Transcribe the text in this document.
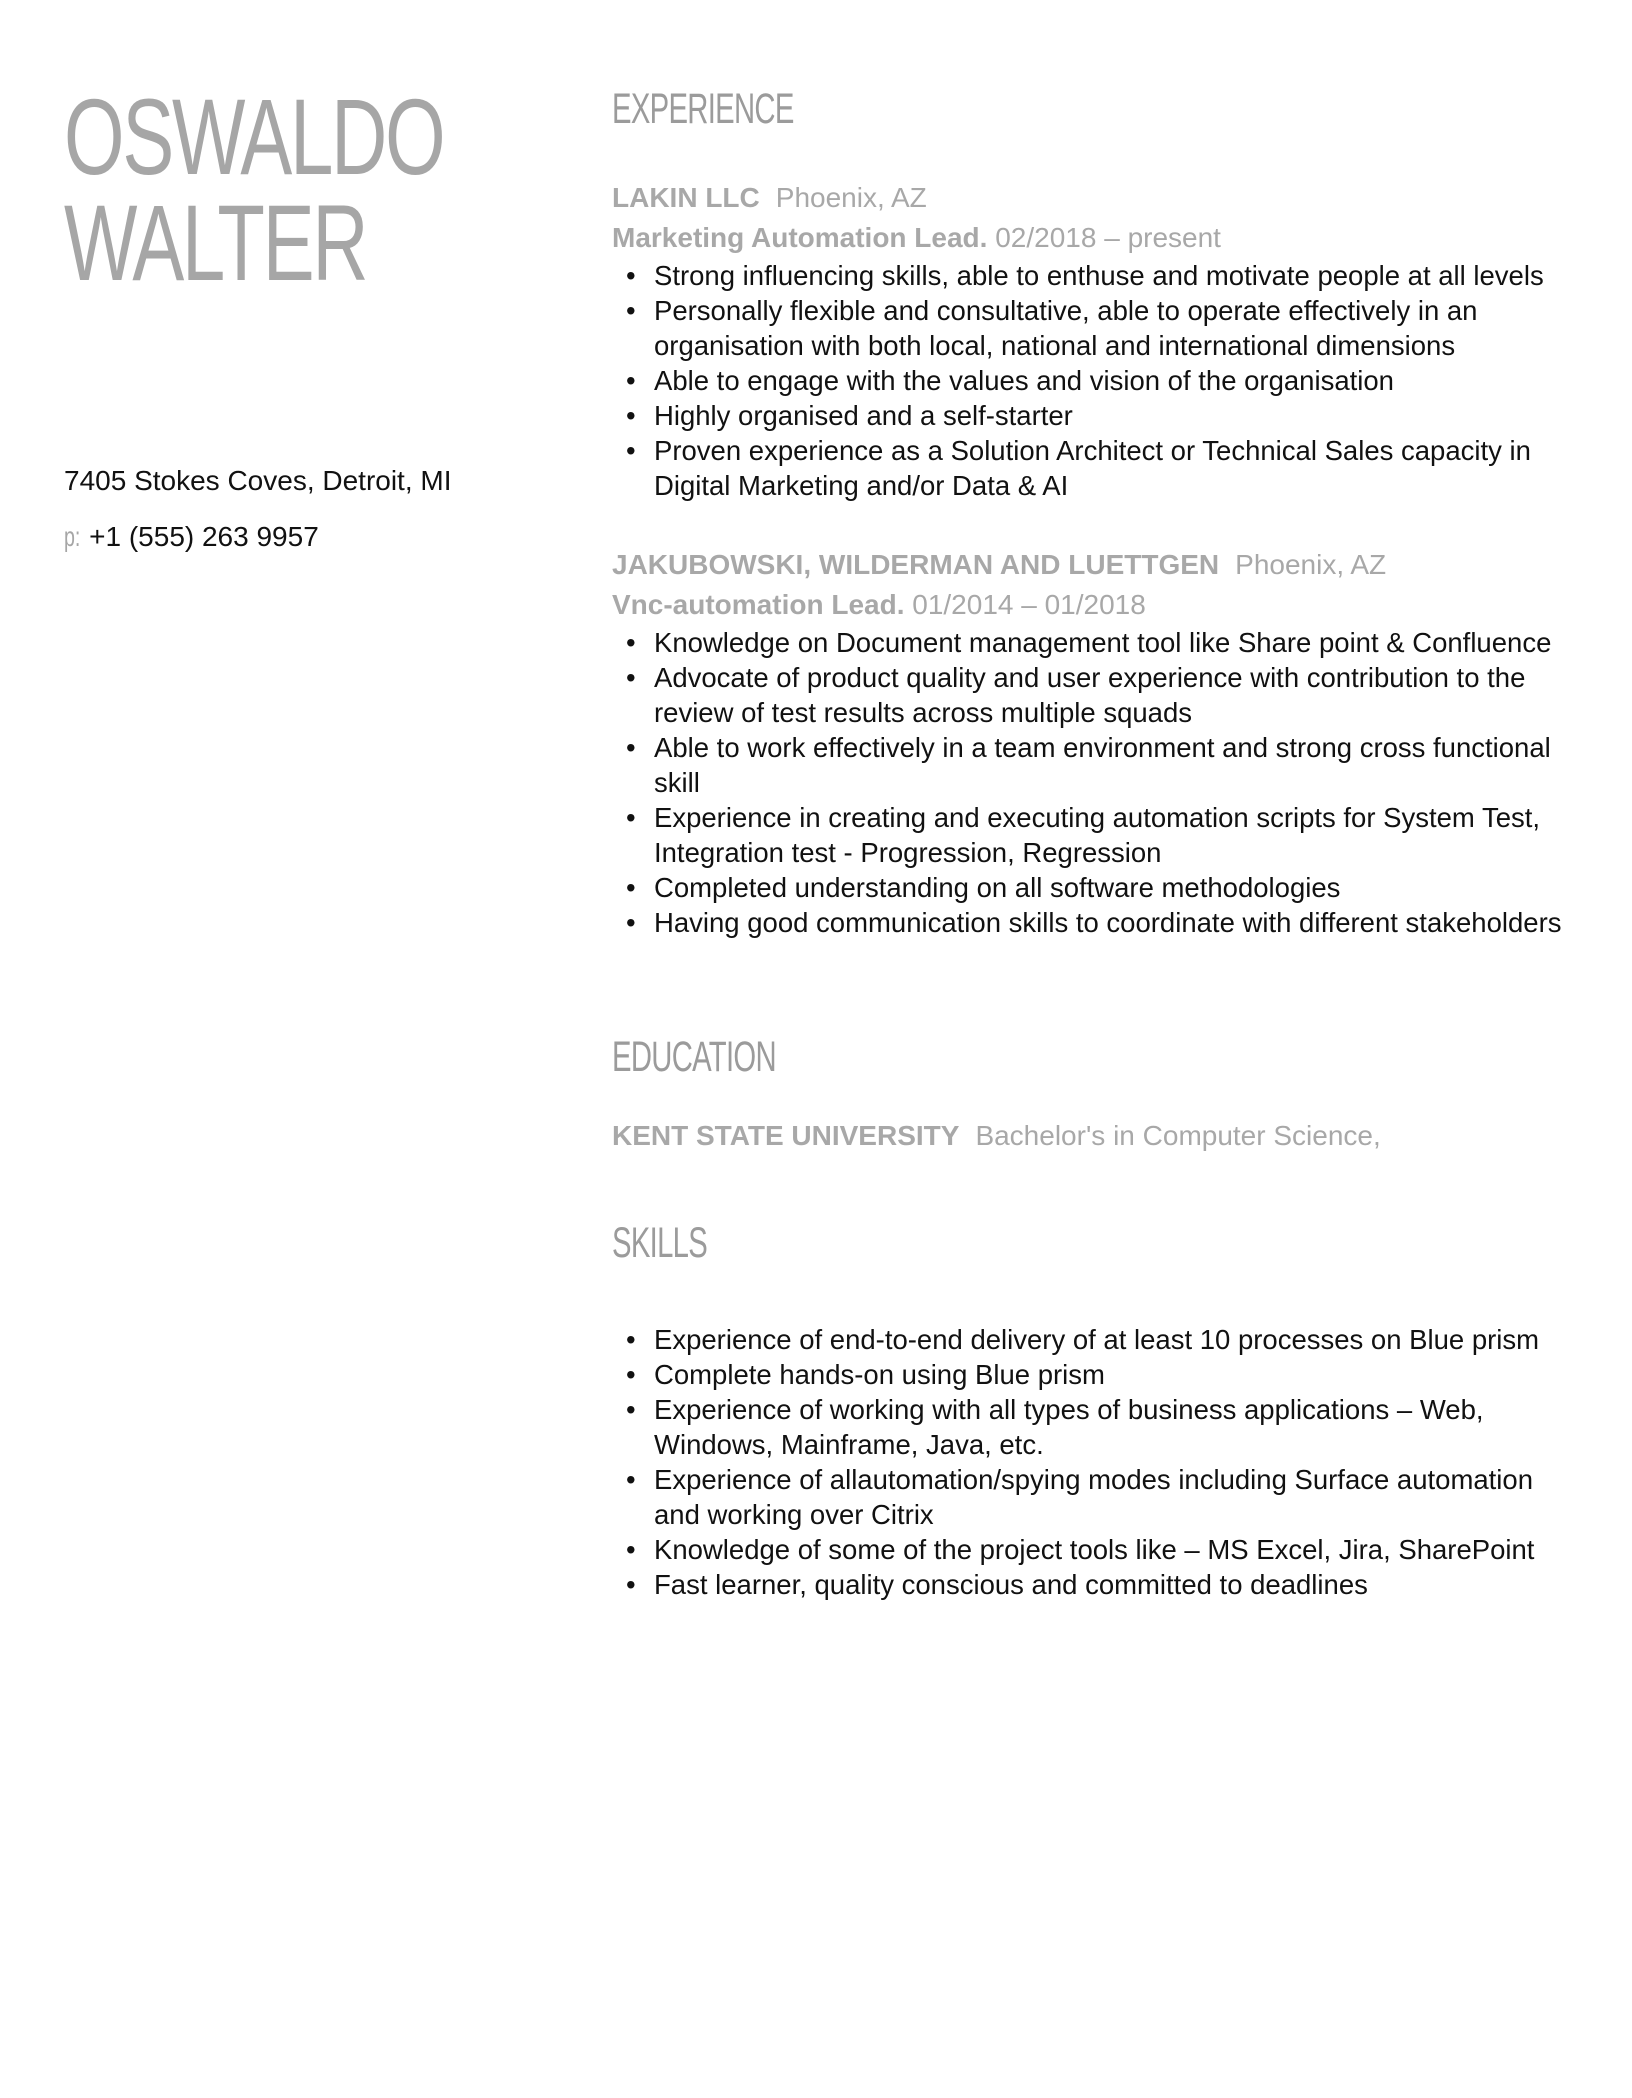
OSWALDO
WALTER
7405 Stokes Coves, Detroit, MI
p: +1 (555) 263 9957
EXPERIENCE
LAKIN LLC Phoenix, AZ
Marketing Automation Lead. 02/2018 – present
• Strong influencing skills, able to enthuse and motivate people at all levels
• Personally flexible and consultative, able to operate effectively in an organisation with both local, national and international dimensions
• Able to engage with the values and vision of the organisation
• Highly organised and a self-starter
• Proven experience as a Solution Architect or Technical Sales capacity in Digital Marketing and/or Data & AI
JAKUBOWSKI, WILDERMAN AND LUETTGEN Phoenix, AZ
Vnc-automation Lead. 01/2014 – 01/2018
• Knowledge on Document management tool like Share point & Confluence
• Advocate of product quality and user experience with contribution to the review of test results across multiple squads
• Able to work effectively in a team environment and strong cross functional skill
• Experience in creating and executing automation scripts for System Test, Integration test - Progression, Regression
• Completed understanding on all software methodologies
• Having good communication skills to coordinate with different stakeholders
EDUCATION
KENT STATE UNIVERSITY Bachelor's in Computer Science,
SKILLS
• Experience of end-to-end delivery of at least 10 processes on Blue prism
• Complete hands-on using Blue prism
• Experience of working with all types of business applications – Web, Windows, Mainframe, Java, etc.
• Experience of allautomation/spying modes including Surface automation and working over Citrix
• Knowledge of some of the project tools like – MS Excel, Jira, SharePoint
• Fast learner, quality conscious and committed to deadlines
